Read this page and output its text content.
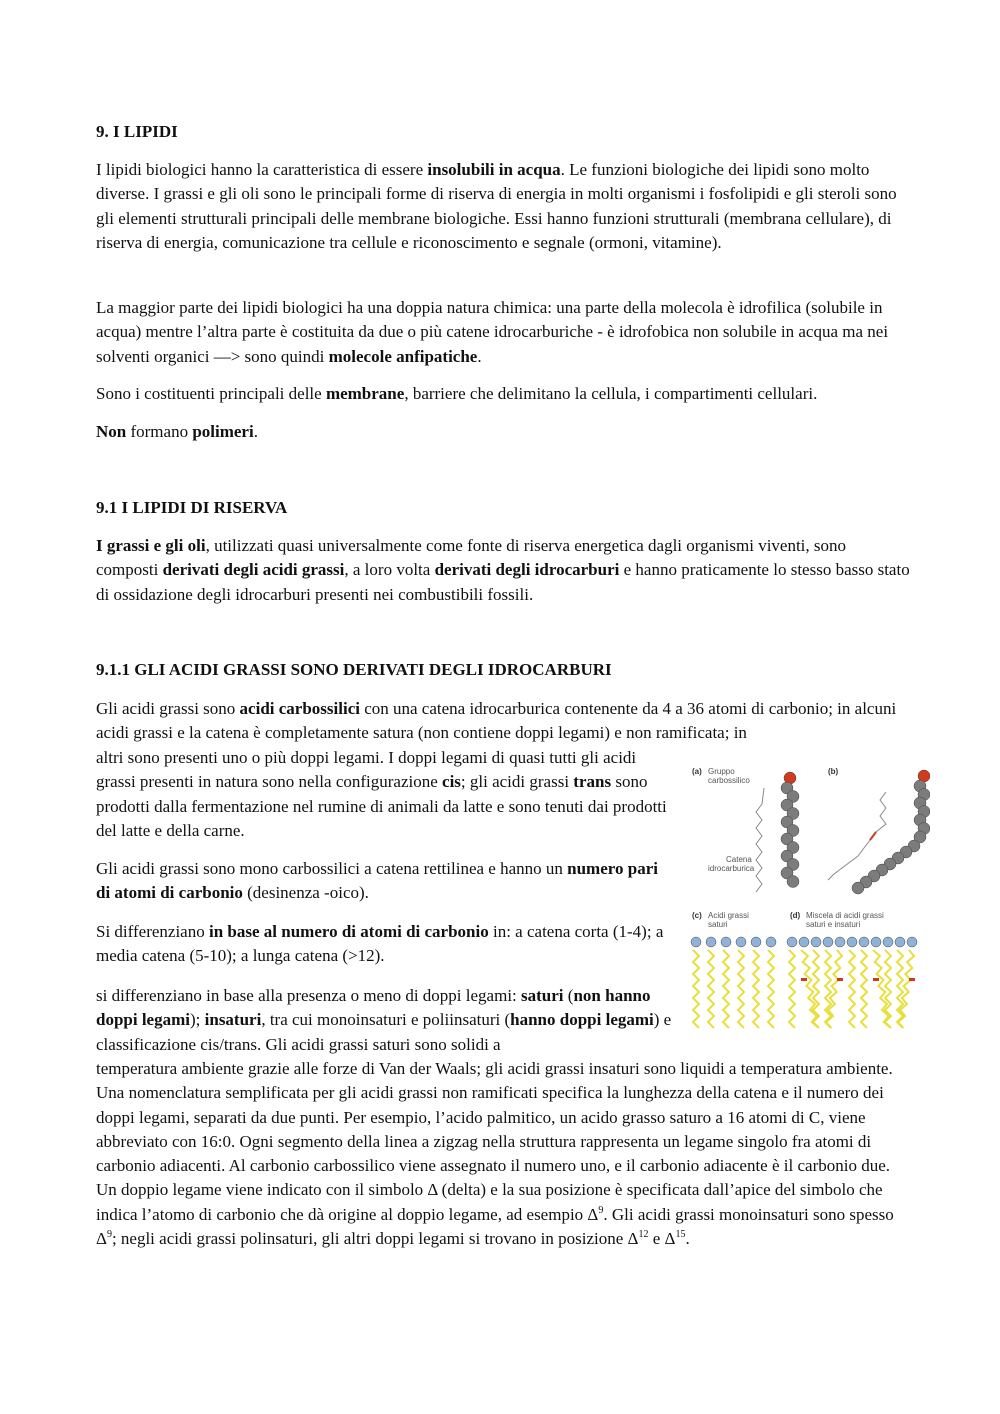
9. I LIPIDI

I lipidi biologici hanno la caratteristica di essere insolubili in acqua. Le funzioni biologiche dei lipidi sono molto diverse. I grassi e gli oli sono le principali forme di riserva di energia in molti organismi i fosfolipidi e gli steroli sono gli elementi strutturali principali delle membrane biologiche. Essi hanno funzioni strutturali (membrana cellulare), di riserva di energia, comunicazione tra cellule e riconoscimento e segnale (ormoni, vitamine).

La maggior parte dei lipidi biologici ha una doppia natura chimica: una parte della molecola è idrofilica (solubile in acqua) mentre l’altra parte è costituita da due o più catene idrocarburiche - è idrofobica non solubile in acqua ma nei solventi organici —> sono quindi molecole anfipatiche.

Sono i costituenti principali delle membrane, barriere che delimitano la cellula, i compartimenti cellulari.

Non formano polimeri.

9.1 I LIPIDI DI RISERVA

I grassi e gli oli, utilizzati quasi universalmente come fonte di riserva energetica dagli organismi viventi, sono composti derivati degli acidi grassi, a loro volta derivati degli idrocarburi e hanno praticamente lo stesso basso stato di ossidazione degli idrocarburi presenti nei combustibili fossili.

9.1.1 GLI ACIDI GRASSI SONO DERIVATI DEGLI IDROCARBURI

Gli acidi grassi sono acidi carbossilici con una catena idrocarburica contenente da 4 a 36 atomi di carbonio; in alcuni acidi grassi e la catena è completamente satura (non contiene doppi legami) e non ramificata; in

altri sono presenti uno o più doppi legami. I doppi legami di quasi tutti gli acidi grassi presenti in natura sono nella configurazione cis; gli acidi grassi trans sono prodotti dalla fermentazione nel rumine di animali da latte e sono tenuti dai prodotti del latte e della carne.

Gli acidi grassi sono mono carbossilici a catena rettilinea e hanno un numero pari di atomi di carbonio (desinenza -oico).

Si differenziano in base al numero di atomi di carbonio in: a catena corta (1-4); a media catena (5-10); a lunga catena (>12).

si differenziano in base alla presenza o meno di doppi legami: saturi (non hanno doppi legami); insaturi, tra cui monoinsaturi e poliinsaturi (hanno doppi legami) e classificazione cis/trans. Gli acidi grassi saturi sono solidi a

temperatura ambiente grazie alle forze di Van der Waals; gli acidi grassi insaturi sono liquidi a temperatura ambiente. Una nomenclatura semplificata per gli acidi grassi non ramificati specifica la lunghezza della catena e il numero dei doppi legami, separati da due punti. Per esempio, l’acido palmitico, un acido grasso saturo a 16 atomi di C, viene abbreviato con 16:0. Ogni segmento della linea a zigzag nella struttura rappresenta un legame singolo fra atomi di carbonio adiacenti. Al carbonio carbossilico viene assegnato il numero uno, e il carbonio adiacente è il carbonio due. Un doppio legame viene indicato con il simbolo Δ (delta) e la sua posizione è specificata dall’apice del simbolo che indica l’atomo di carbonio che dà origine al doppio legame, ad esempio $\Delta^9$. Gli acidi grassi monoinsaturi sono spesso $\Delta^9$; negli acidi grassi polinsaturi, gli altri doppi legami si trovano in posizione $\Delta^{12}$ e $\Delta^{15}$.

(a) Gruppo
carbossilico
Catena
idrocarburica
(b)
(c) Acidi grassi
saturi
(d) Miscela di acidi grassi
saturi e insaturi
